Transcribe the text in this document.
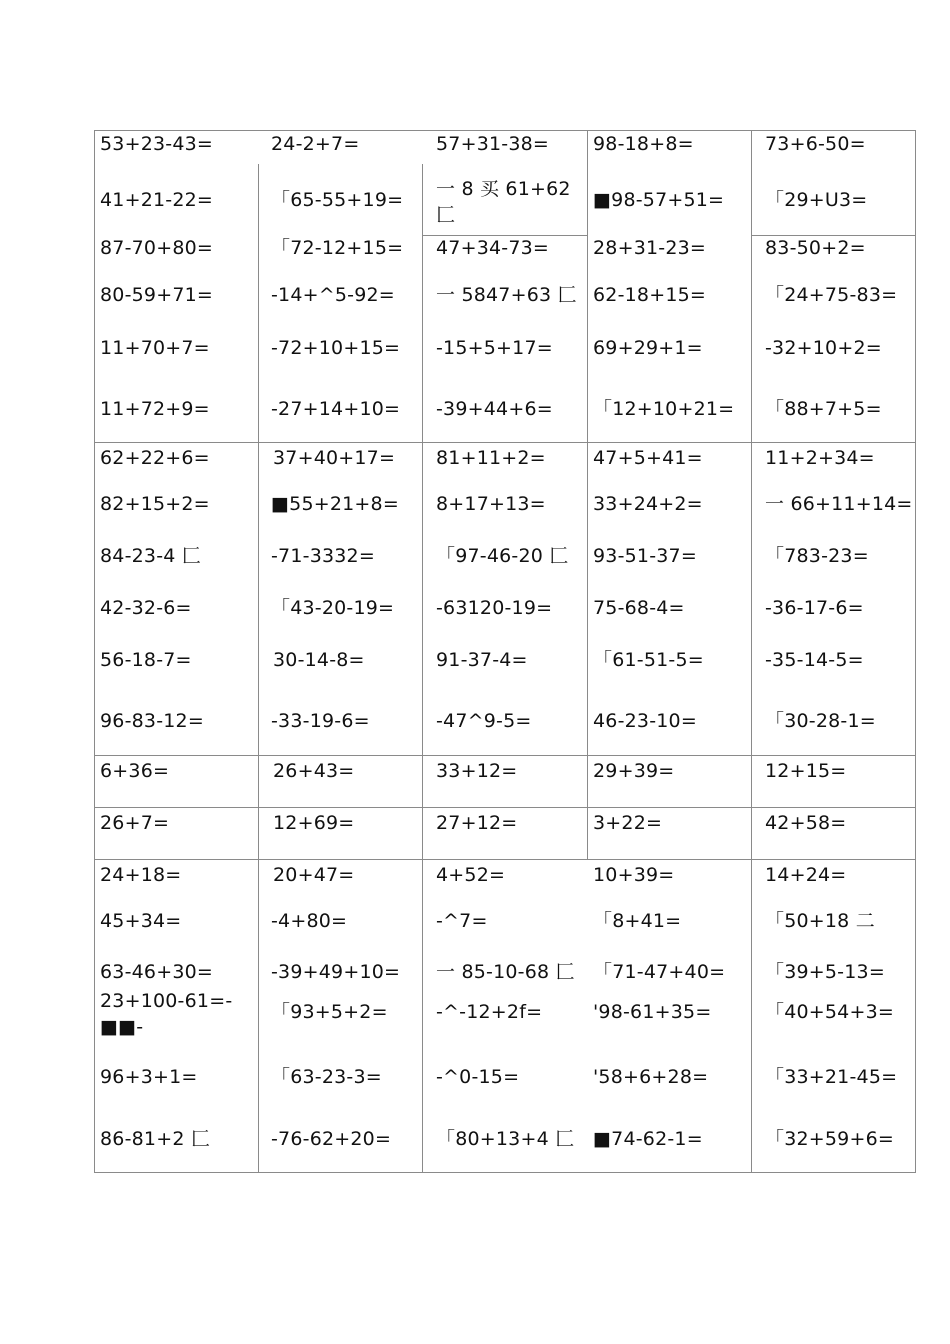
53+23-43=
41+21-22=
87-70+80=
80-59+71=
11+70+7=
11+72+9=
62+22+6=
82+15+2=
84-23-4 匚
42-32-6=
56-18-7=
96-83-12=
6+36=
26+7=
24+18=
45+34=
63-46+30=
23+100-61=-■■-
96+3+1=
86-81+2 匚
24-2+7=
「65-55+19=
「72-12+15=
-14+^5-92=
-72+10+15=
-27+14+10=
37+40+17=
■55+21+8=
-71-3332=
「43-20-19=
30-14-8=
-33-19-6=
26+43=
12+69=
20+47=
-4+80=
-39+49+10=
「93+5+2=
「63-23-3=
-76-62+20=
57+31-38=
一 8 买 61+62 匚
47+34-73=
一 5847+63 匚
-15+5+17=
-39+44+6=
81+11+2=
8+17+13=
「97-46-20 匚
-63120-19=
91-37-4=
-47^9-5=
33+12=
27+12=
4+52=
-^7=
一 85-10-68 匚
-^-12+2f=
-^0-15=
「80+13+4 匚
98-18+8=
■98-57+51=
28+31-23=
62-18+15=
69+29+1=
「12+10+21=
47+5+41=
33+24+2=
93-51-37=
75-68-4=
「61-51-5=
46-23-10=
29+39=
3+22=
10+39=
「8+41=
「71-47+40=
'98-61+35=
'58+6+28=
■74-62-1=
73+6-50=
「29+U3=
83-50+2=
「24+75-83=
-32+10+2=
「88+7+5=
11+2+34=
一 66+11+14=
「783-23=
-36-17-6=
-35-14-5=
「30-28-1=
12+15=
42+58=
14+24=
「50+18 二
「39+5-13=
「40+54+3=
「33+21-45=
「32+59+6=
